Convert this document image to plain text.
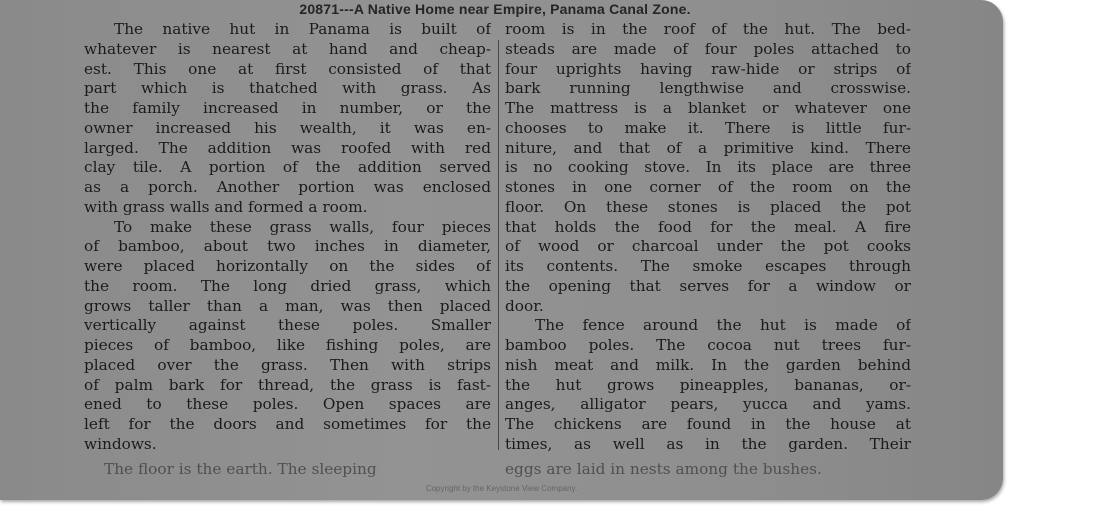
20871---A Native Home near Empire, Panama Canal Zone.
The native hut in Panama is built of
whatever is nearest at hand and cheap-
est. This one at first consisted of that
part which is thatched with grass. As
the family increased in number, or the
owner increased his wealth, it was en-
larged. The addition was roofed with red
clay tile. A portion of the addition served
as a porch. Another portion was enclosed
with grass walls and formed a room.
To make these grass walls, four pieces
of bamboo, about two inches in diameter,
were placed horizontally on the sides of
the room. The long dried grass, which
grows taller than a man, was then placed
vertically against these poles. Smaller
pieces of bamboo, like fishing poles, are
placed over the grass. Then with strips
of palm bark for thread, the grass is fast-
ened to these poles. Open spaces are
left for the doors and sometimes for the
windows.
room is in the roof of the hut. The bed-
steads are made of four poles attached to
four uprights having raw-hide or strips of
bark running lengthwise and crosswise.
The mattress is a blanket or whatever one
chooses to make it. There is little fur-
niture, and that of a primitive kind. There
is no cooking stove. In its place are three
stones in one corner of the room on the
floor. On these stones is placed the pot
that holds the food for the meal. A fire
of wood or charcoal under the pot cooks
its contents. The smoke escapes through
the opening that serves for a window or
door.
The fence around the hut is made of
bamboo poles. The cocoa nut trees fur-
nish meat and milk. In the garden behind
the hut grows pineapples, bananas, or-
anges, alligator pears, yucca and yams.
The chickens are found in the house at
times, as well as in the garden. Their
The floor is the earth. The sleeping	eggs are laid in nests among the bushes.
Copyright by the Keystone View Company.
